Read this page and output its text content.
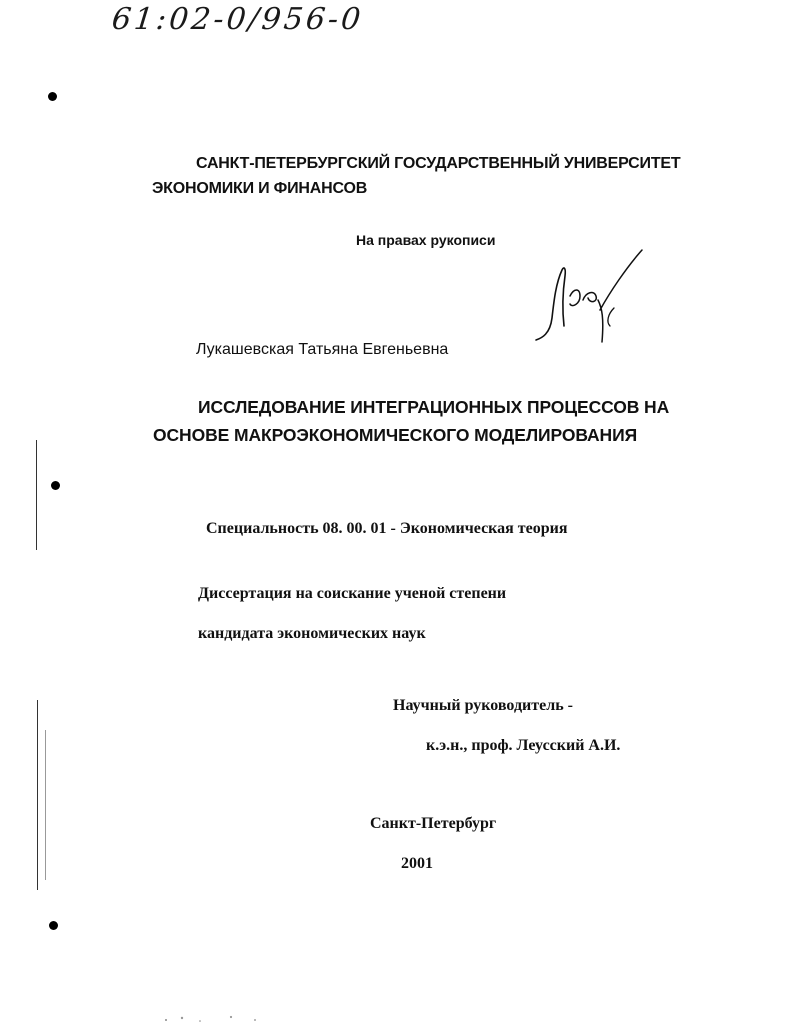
61:02-0/956-0
САНКТ-ПЕТЕРБУРГСКИЙ ГОСУДАРСТВЕННЫЙ УНИВЕРСИТЕТ
ЭКОНОМИКИ И ФИНАНСОВ
На правах рукописи
Лукашевская Татьяна Евгеньевна
ИССЛЕДОВАНИЕ ИНТЕГРАЦИОННЫХ ПРОЦЕССОВ НА
ОСНОВЕ МАКРОЭКОНОМИЧЕСКОГО МОДЕЛИРОВАНИЯ
Специальность 08. 00. 01 - Экономическая теория
Диссертация на соискание ученой степени
кандидата экономических наук
Научный руководитель -
к.э.н., проф. Леусский А.И.
Санкт-Петербург
2001
